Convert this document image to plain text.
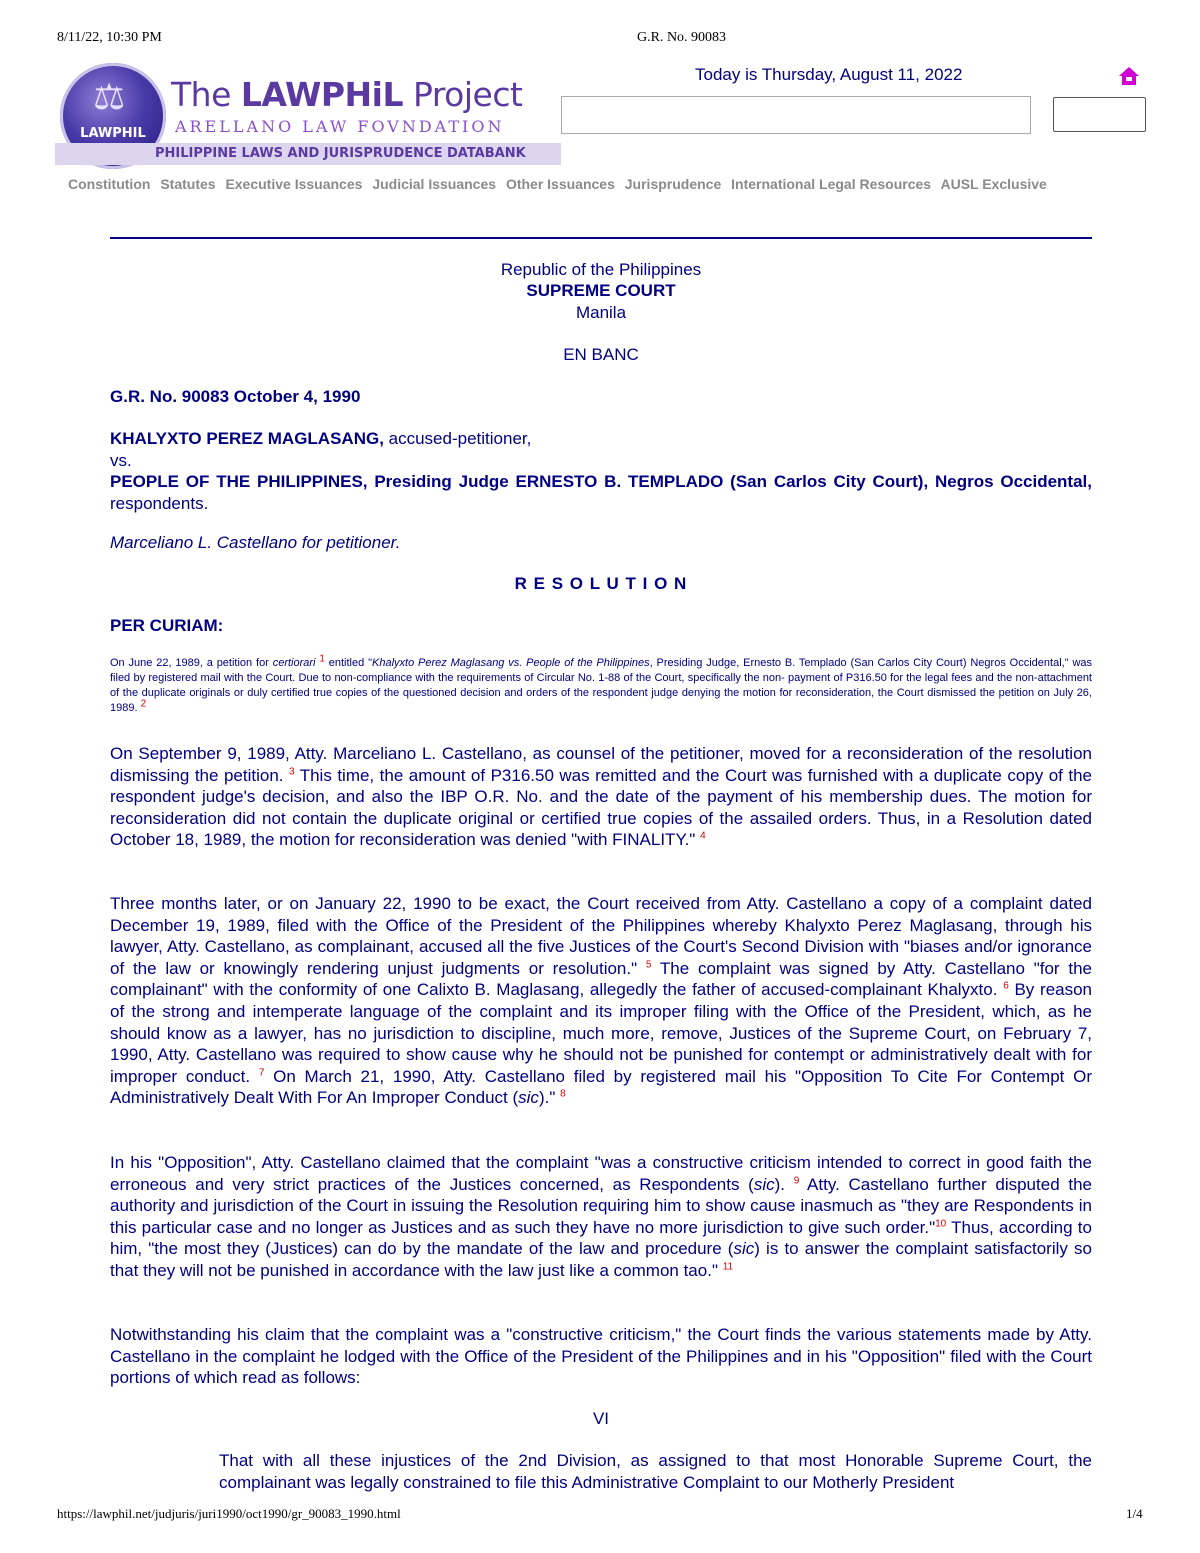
8/11/22, 10:30 PM	G.R. No. 90083
⚖
LAWPHIL
The LAWPHiL Project
ARELLANO LAW FOVNDATION
PHILIPPINE LAWS AND JURISPRUDENCE DATABANK
Today is Thursday, August 11, 2022
Constitution Statutes Executive Issuances Judicial Issuances Other Issuances Jurisprudence International Legal Resources AUSL Exclusive
Republic of the Philippines
SUPREME COURT
Manila
EN BANC
G.R. No. 90083 October 4, 1990
KHALYXTO PEREZ MAGLASANG, accused-petitioner,
vs.
PEOPLE OF THE PHILIPPINES, Presiding Judge ERNESTO B. TEMPLADO (San Carlos City Court), Negros Occidental, respondents.
Marceliano L. Castellano for petitioner.
R E S O L U T I O N
PER CURIAM:
On June 22, 1989, a petition for certiorari 1 entitled "Khalyxto Perez Maglasang vs. People of the Philippines, Presiding Judge, Ernesto B. Templado (San Carlos City Court) Negros Occidental," was filed by registered mail with the Court. Due to non-compliance with the requirements of Circular No. 1-88 of the Court, specifically the non- payment of P316.50 for the legal fees and the non-attachment of the duplicate originals or duly certified true copies of the questioned decision and orders of the respondent judge denying the motion for reconsideration, the Court dismissed the petition on July 26, 1989. 2
On September 9, 1989, Atty. Marceliano L. Castellano, as counsel of the petitioner, moved for a reconsideration of the resolution dismissing the petition. $^3$ This time, the amount of P316.50 was remitted and the Court was furnished with a duplicate copy of the respondent judge's decision, and also the IBP O.R. No. and the date of the payment of his membership dues. The motion for reconsideration did not contain the duplicate original or certified true copies of the assailed orders. Thus, in a Resolution dated October 18, 1989, the motion for reconsideration was denied "with FINALITY." $^4$
Three months later, or on January 22, 1990 to be exact, the Court received from Atty. Castellano a copy of a complaint dated December 19, 1989, filed with the Office of the President of the Philippines whereby Khalyxto Perez Maglasang, through his lawyer, Atty. Castellano, as complainant, accused all the five Justices of the Court's Second Division with "biases and/or ignorance of the law or knowingly rendering unjust judgments or resolution." $^5$ The complaint was signed by Atty. Castellano "for the complainant" with the conformity of one Calixto B. Maglasang, allegedly the father of accused-complainant Khalyxto. $^6$ By reason of the strong and intemperate language of the complaint and its improper filing with the Office of the President, which, as he should know as a lawyer, has no jurisdiction to discipline, much more, remove, Justices of the Supreme Court, on February 7, 1990, Atty. Castellano was required to show cause why he should not be punished for contempt or administratively dealt with for improper conduct. $^7$ On March 21, 1990, Atty. Castellano filed by registered mail his "Opposition To Cite For Contempt Or Administratively Dealt With For An Improper Conduct (sic)." $^8$
In his "Opposition", Atty. Castellano claimed that the complaint "was a constructive criticism intended to correct in good faith the erroneous and very strict practices of the Justices concerned, as Respondents (sic). $^9$ Atty. Castellano further disputed the authority and jurisdiction of the Court in issuing the Resolution requiring him to show cause inasmuch as "they are Respondents in this particular case and no longer as Justices and as such they have no more jurisdiction to give such order."$^{10}$ Thus, according to him, "the most they (Justices) can do by the mandate of the law and procedure (sic) is to answer the complaint satisfactorily so that they will not be punished in accordance with the law just like a common tao." $^{11}$
Notwithstanding his claim that the complaint was a "constructive criticism," the Court finds the various statements made by Atty. Castellano in the complaint he lodged with the Office of the President of the Philippines and in his "Opposition" filed with the Court portions of which read as follows:
VI
That with all these injustices of the 2nd Division, as assigned to that most Honorable Supreme Court, the complainant was legally constrained to file this Administrative Complaint to our Motherly President
https://lawphil.net/judjuris/juri1990/oct1990/gr_90083_1990.html	1/4
